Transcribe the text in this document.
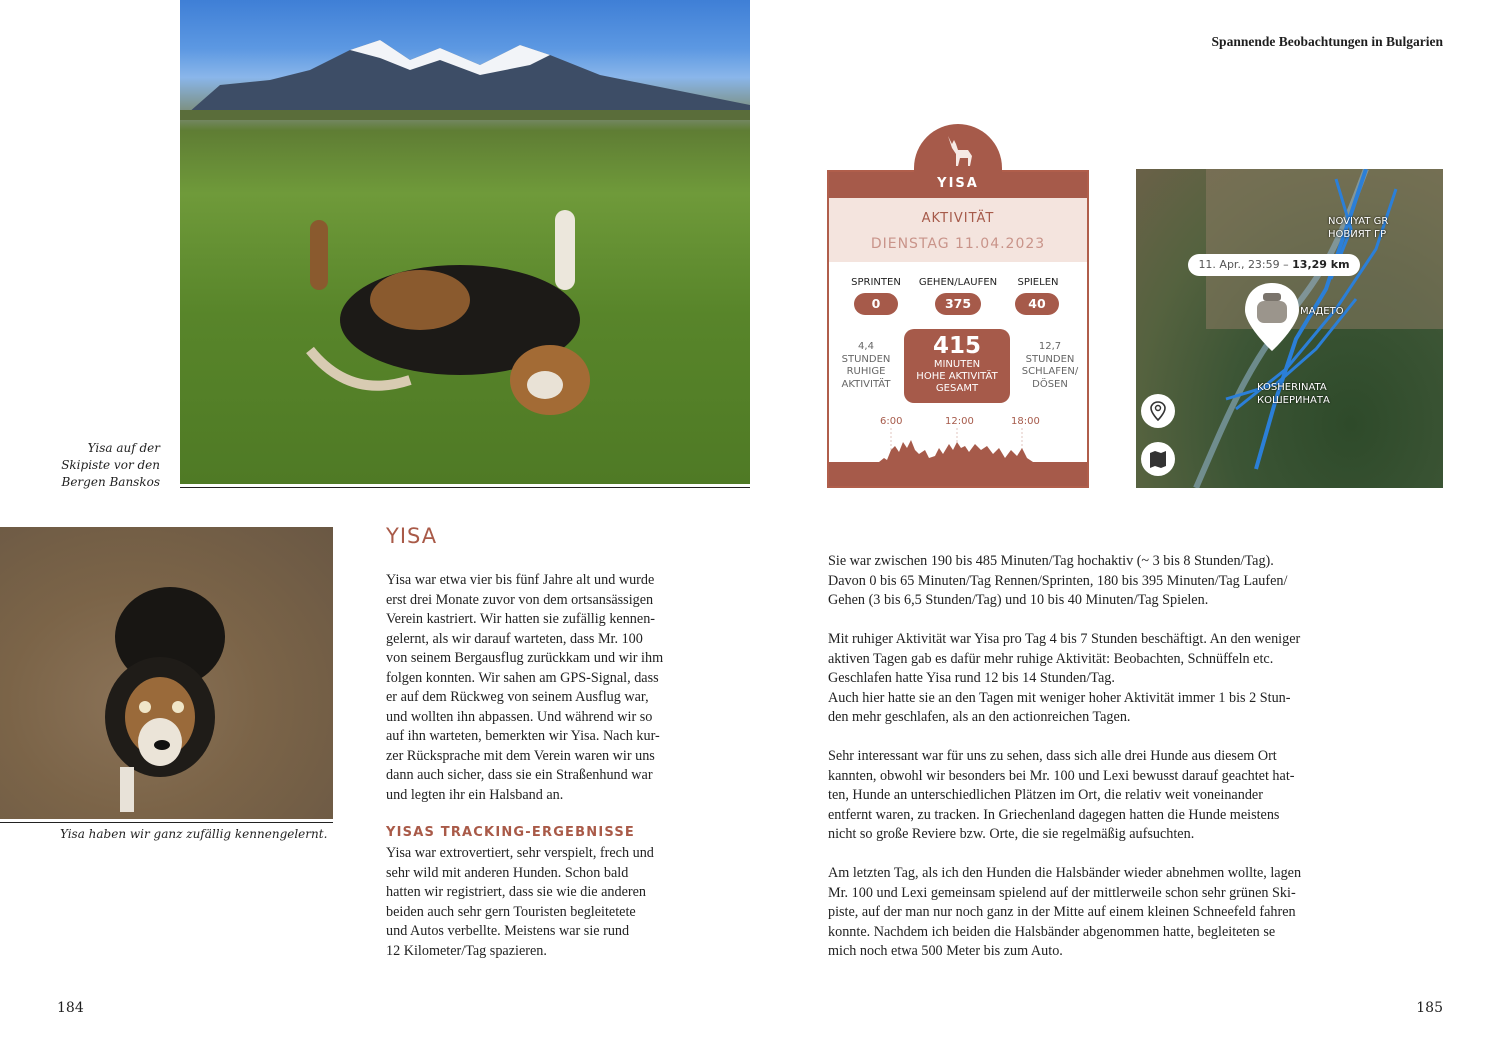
Spannende Beobachtungen in Bulgarien
184	185
Yisa auf der
Skipiste vor den
Bergen Banskos
Yisa haben wir ganz zufällig kennengelernt.
YISA
Yisa war etwa vier bis fünf Jahre alt und wurde
erst drei Monate zuvor von dem ortsansässigen
Verein kastriert. Wir hatten sie zufällig kennen-
gelernt, als wir darauf warteten, dass Mr. 100
von seinem Bergausflug zurückkam und wir ihm
folgen konnten. Wir sahen am GPS-Signal, dass
er auf dem Rückweg von seinem Ausflug war,
und wollten ihn abpassen. Und während wir so
auf ihn warteten, bemerkten wir Yisa. Nach kur-
zer Rücksprache mit dem Verein waren wir uns
dann auch sicher, dass sie ein Straßenhund war
und legten ihr ein Halsband an.
YISAS TRACKING-ERGEBNISSE
Yisa war extrovertiert, sehr verspielt, frech und
sehr wild mit anderen Hunden. Schon bald
hatten wir registriert, dass sie wie die anderen
beiden auch sehr gern Touristen begleitetete
und Autos verbellte. Meistens war sie rund
12 Kilometer/Tag spazieren.
Sie war zwischen 190 bis 485 Minuten/Tag hochaktiv (~ 3 bis 8 Stunden/Tag).
Davon 0 bis 65 Minuten/Tag Rennen/Sprinten, 180 bis 395 Minuten/Tag Laufen/
Gehen (3 bis 6,5 Stunden/Tag) und 10 bis 40 Minuten/Tag Spielen.
Mit ruhiger Aktivität war Yisa pro Tag 4 bis 7 Stunden beschäftigt. An den weniger
aktiven Tagen gab es dafür mehr ruhige Aktivität: Beobachten, Schnüffeln etc.
Geschlafen hatte Yisa rund 12 bis 14 Stunden/Tag.
Auch hier hatte sie an den Tagen mit weniger hoher Aktivität immer 1 bis 2 Stun-
den mehr geschlafen, als an den actionreichen Tagen.
Sehr interessant war für uns zu sehen, dass sich alle drei Hunde aus diesem Ort
kannten, obwohl wir besonders bei Mr. 100 und Lexi bewusst darauf geachtet hat-
ten, Hunde an unterschiedlichen Plätzen im Ort, die relativ weit voneinander
entfernt waren, zu tracken. In Griechenland dagegen hatten die Hunde meistens
nicht so große Reviere bzw. Orte, die sie regelmäßig aufsuchten.
Am letzten Tag, als ich den Hunden die Halsbänder wieder abnehmen wollte, lagen
Mr. 100 und Lexi gemeinsam spielend auf der mittlerweile schon sehr grünen Ski-
piste, auf der man nur noch ganz in der Mitte auf einem kleinen Schneefeld fahren
konnte. Nachdem ich beiden die Halsbänder abgenommen hatte, begleiteten se
mich noch etwa 500 Meter bis zum Auto.
YISA
AKTIVITÄT
DIENSTAG 11.04.2023
SPRINTEN	GEHEN/LAUFEN	SPIELEN
0	375	40
4,4
STUNDEN
RUHIGE
AKTIVITÄT
12,7
STUNDEN
SCHLAFEN/
DÖSEN
415
MINUTEN
HOHE AKTIVITÄT
GESAMT
6:00	12:00	18:00
NOVIYAT GR
НОВИЯТ ГР
МАДЕТО
KOSHERINATA
КОШЕРИНАТА
11. Apr., 23:59 – 13,29 km
